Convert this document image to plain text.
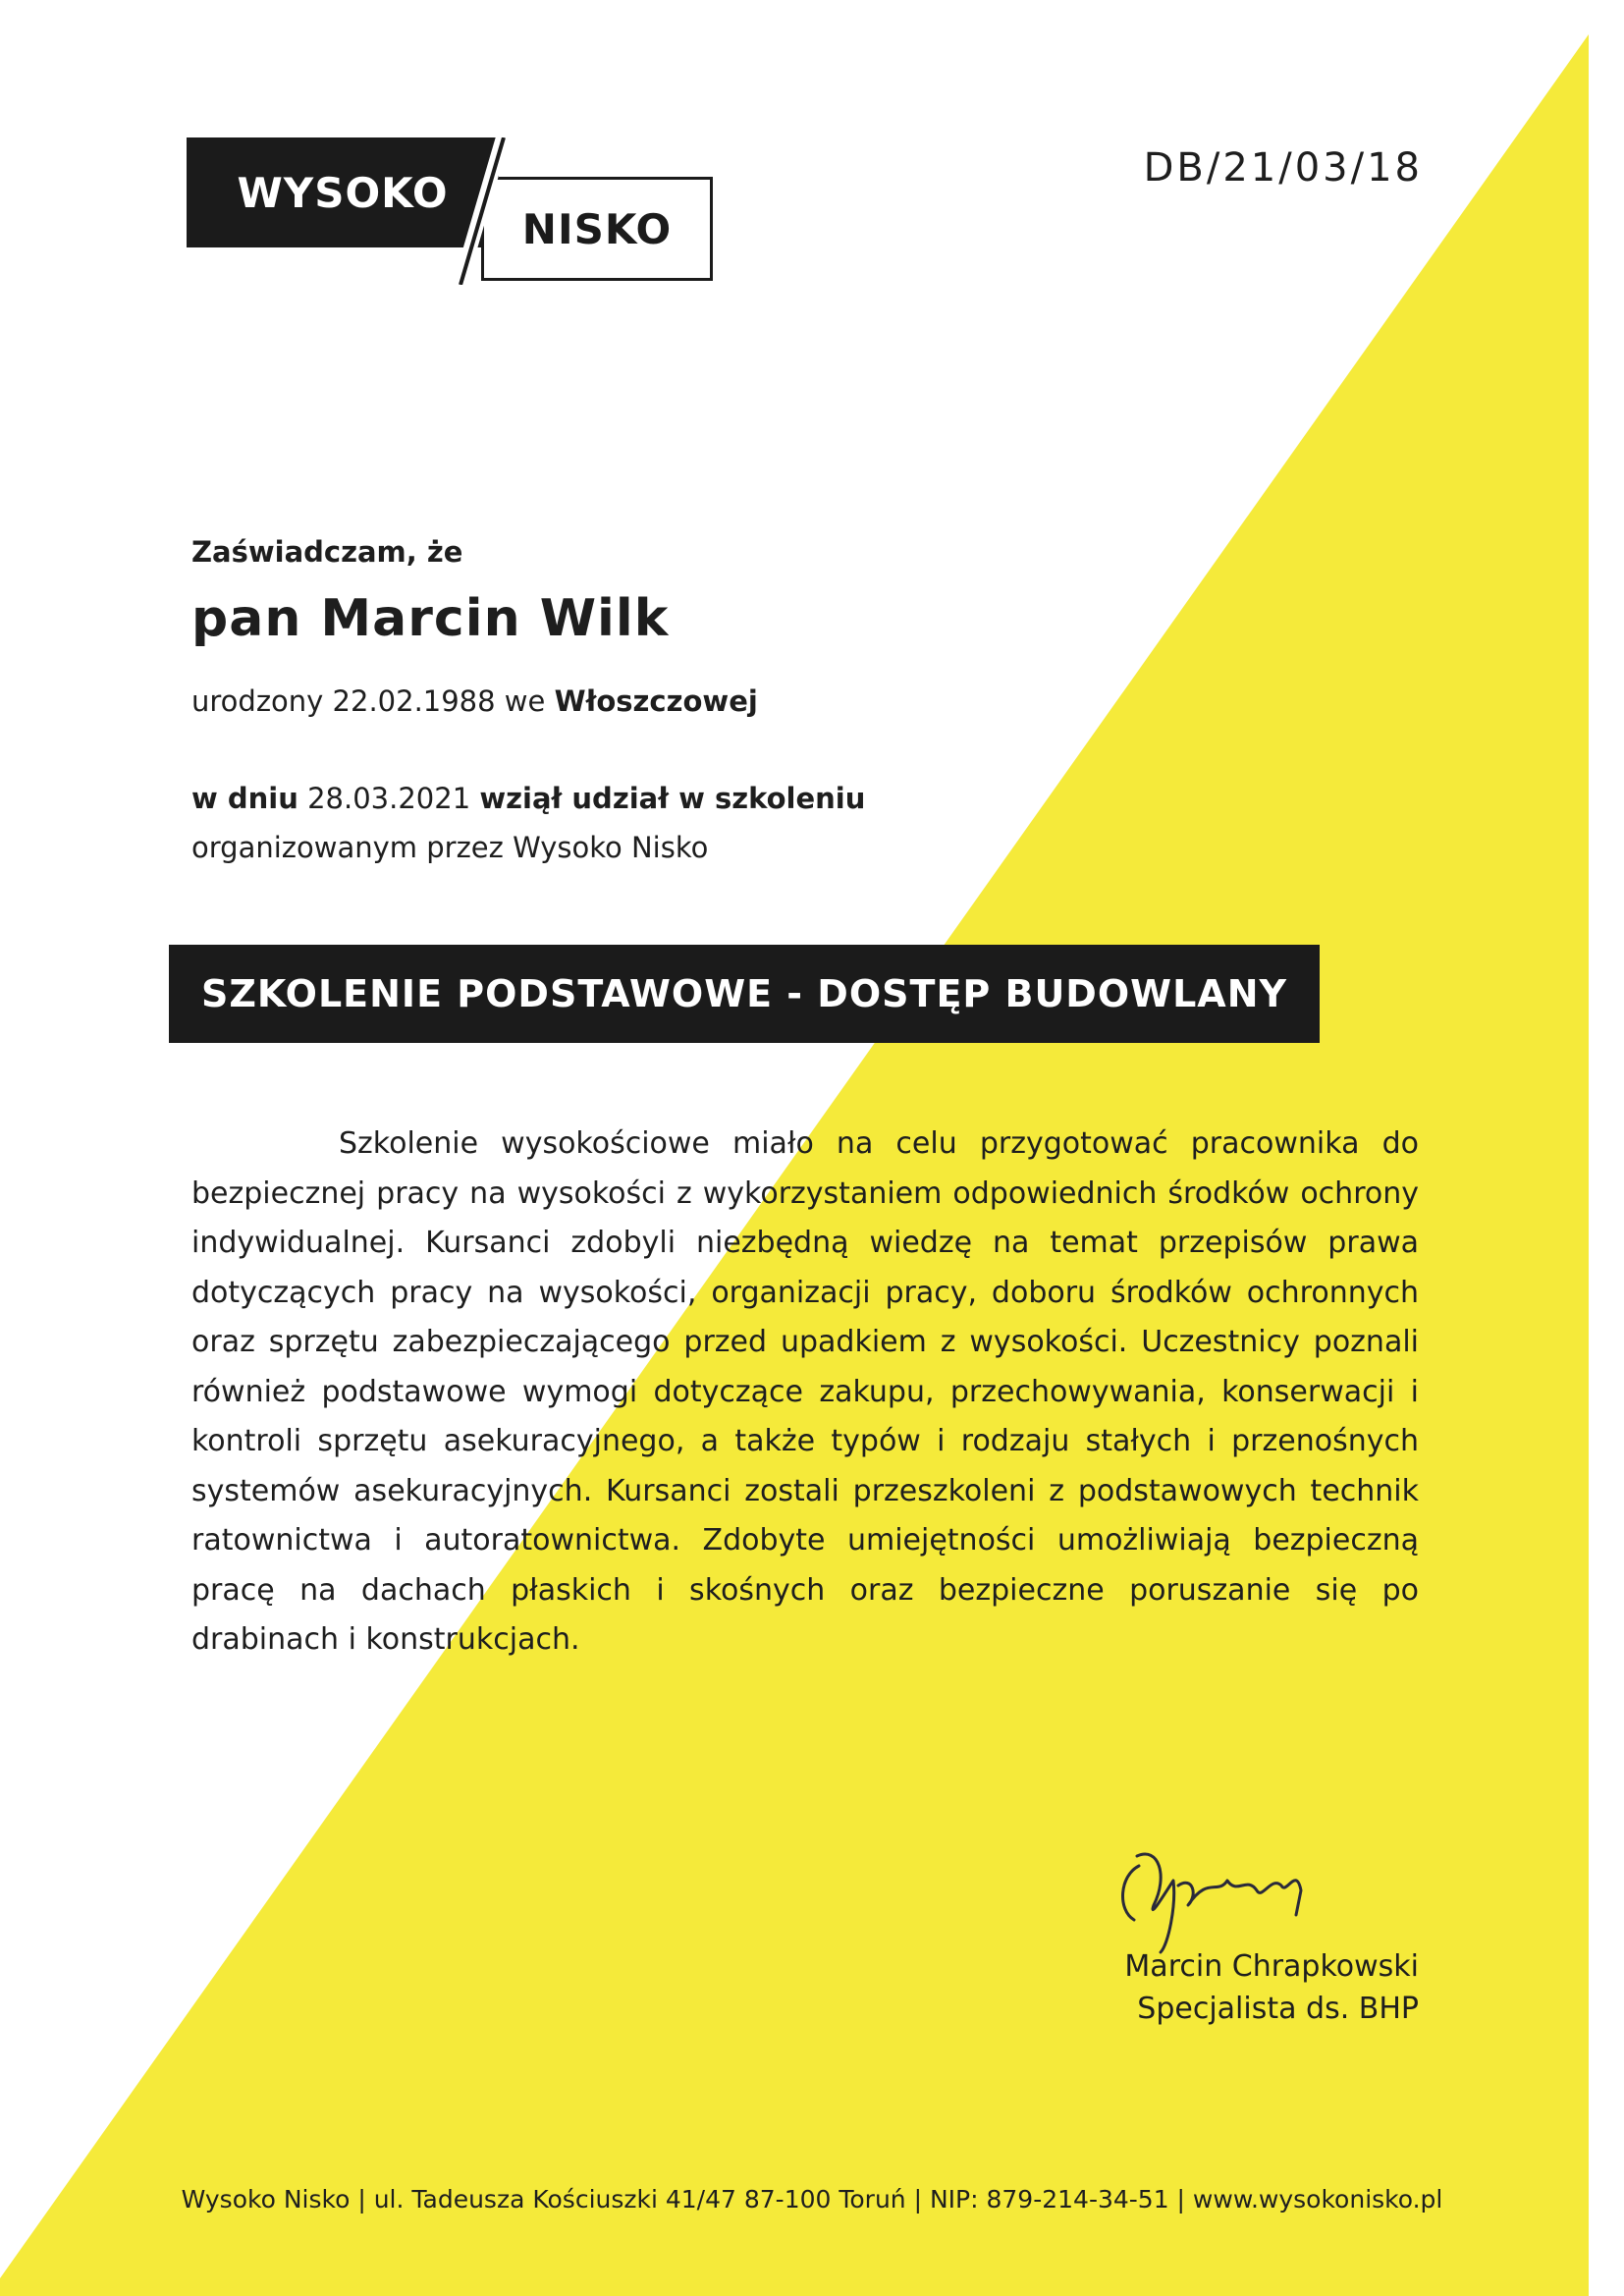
WYSOKO
NISKO
DB/21/03/18
Zaświadczam, że
pan Marcin Wilk
urodzony 22.02.1988 we Włoszczowej
w dniu 28.03.2021 wziął udział w szkoleniu
organizowanym przez Wysoko Nisko
SZKOLENIE PODSTAWOWE - DOSTĘP BUDOWLANY
Szkolenie wysokościowe miało na celu przygotować pracownika do bezpiecznej pracy na wysokości z wykorzystaniem odpowiednich środków ochrony indywidualnej. Kursanci zdobyli niezbędną wiedzę na temat przepisów prawa dotyczących pracy na wysokości, organizacji pracy, doboru środków ochronnych oraz sprzętu zabezpieczającego przed upadkiem z wysokości. Uczestnicy poznali również podstawowe wymogi dotyczące zakupu, przechowywania, konserwacji i kontroli sprzętu asekuracyjnego, a także typów i rodzaju stałych i przenośnych systemów asekuracyjnych. Kursanci zostali przeszkoleni z podstawowych technik ratownictwa i autoratownictwa. Zdobyte umiejętności umożliwiają bezpieczną pracę na dachach płaskich i skośnych oraz bezpieczne poruszanie się po drabinach i konstrukcjach.
Marcin Chrapkowski
Specjalista ds. BHP
Wysoko Nisko | ul. Tadeusza Kościuszki 41/47 87-100 Toruń | NIP: 879-214-34-51 | www.wysokonisko.pl
